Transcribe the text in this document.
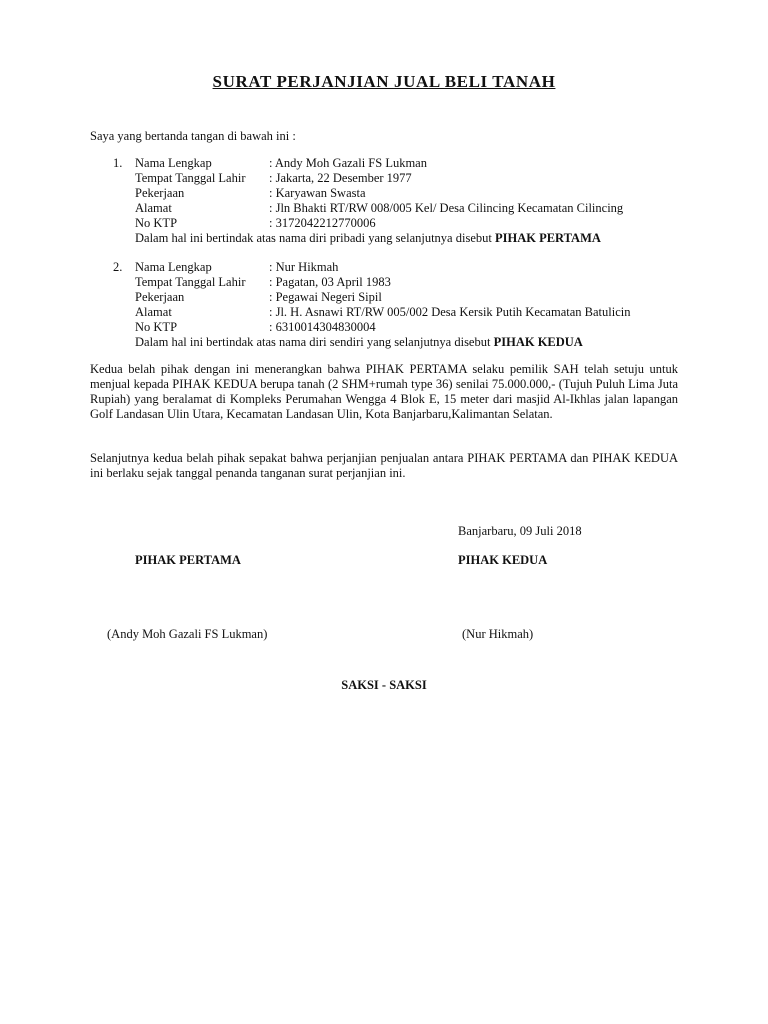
SURAT PERJANJIAN JUAL BELI TANAH
Saya yang bertanda tangan di bawah ini :
1.	Nama Lengkap	: Andy Moh Gazali FS Lukman
Tempat Tanggal Lahir	: Jakarta, 22 Desember 1977
Pekerjaan	: Karyawan Swasta
Alamat	: Jln Bhakti RT/RW 008/005 Kel/ Desa Cilincing Kecamatan Cilincing
No KTP	: 3172042212770006
Dalam hal ini bertindak atas nama diri pribadi yang selanjutnya disebut PIHAK PERTAMA
2.	Nama Lengkap	: Nur Hikmah
Tempat Tanggal Lahir	: Pagatan, 03 April 1983
Pekerjaan	: Pegawai Negeri Sipil
Alamat	: Jl. H. Asnawi RT/RW 005/002 Desa Kersik Putih Kecamatan Batulicin
No KTP	: 6310014304830004
Dalam hal ini bertindak atas nama diri sendiri yang selanjutnya disebut PIHAK KEDUA
Kedua belah pihak dengan ini menerangkan bahwa PIHAK PERTAMA selaku pemilik SAH telah setuju untuk menjual kepada PIHAK KEDUA berupa tanah (2 SHM+rumah type 36) senilai 75.000.000,- (Tujuh Puluh Lima Juta Rupiah) yang beralamat di Kompleks Perumahan Wengga 4 Blok E, 15 meter dari masjid Al-Ikhlas jalan lapangan Golf Landasan Ulin Utara, Kecamatan Landasan Ulin, Kota Banjarbaru,Kalimantan Selatan.
Selanjutnya kedua belah pihak sepakat bahwa perjanjian penjualan antara PIHAK PERTAMA dan PIHAK KEDUA ini berlaku sejak tanggal penanda tanganan surat perjanjian ini.
Banjarbaru, 09 Juli 2018
PIHAK PERTAMA	PIHAK KEDUA
(Andy Moh Gazali FS Lukman)	(Nur Hikmah)
SAKSI - SAKSI
